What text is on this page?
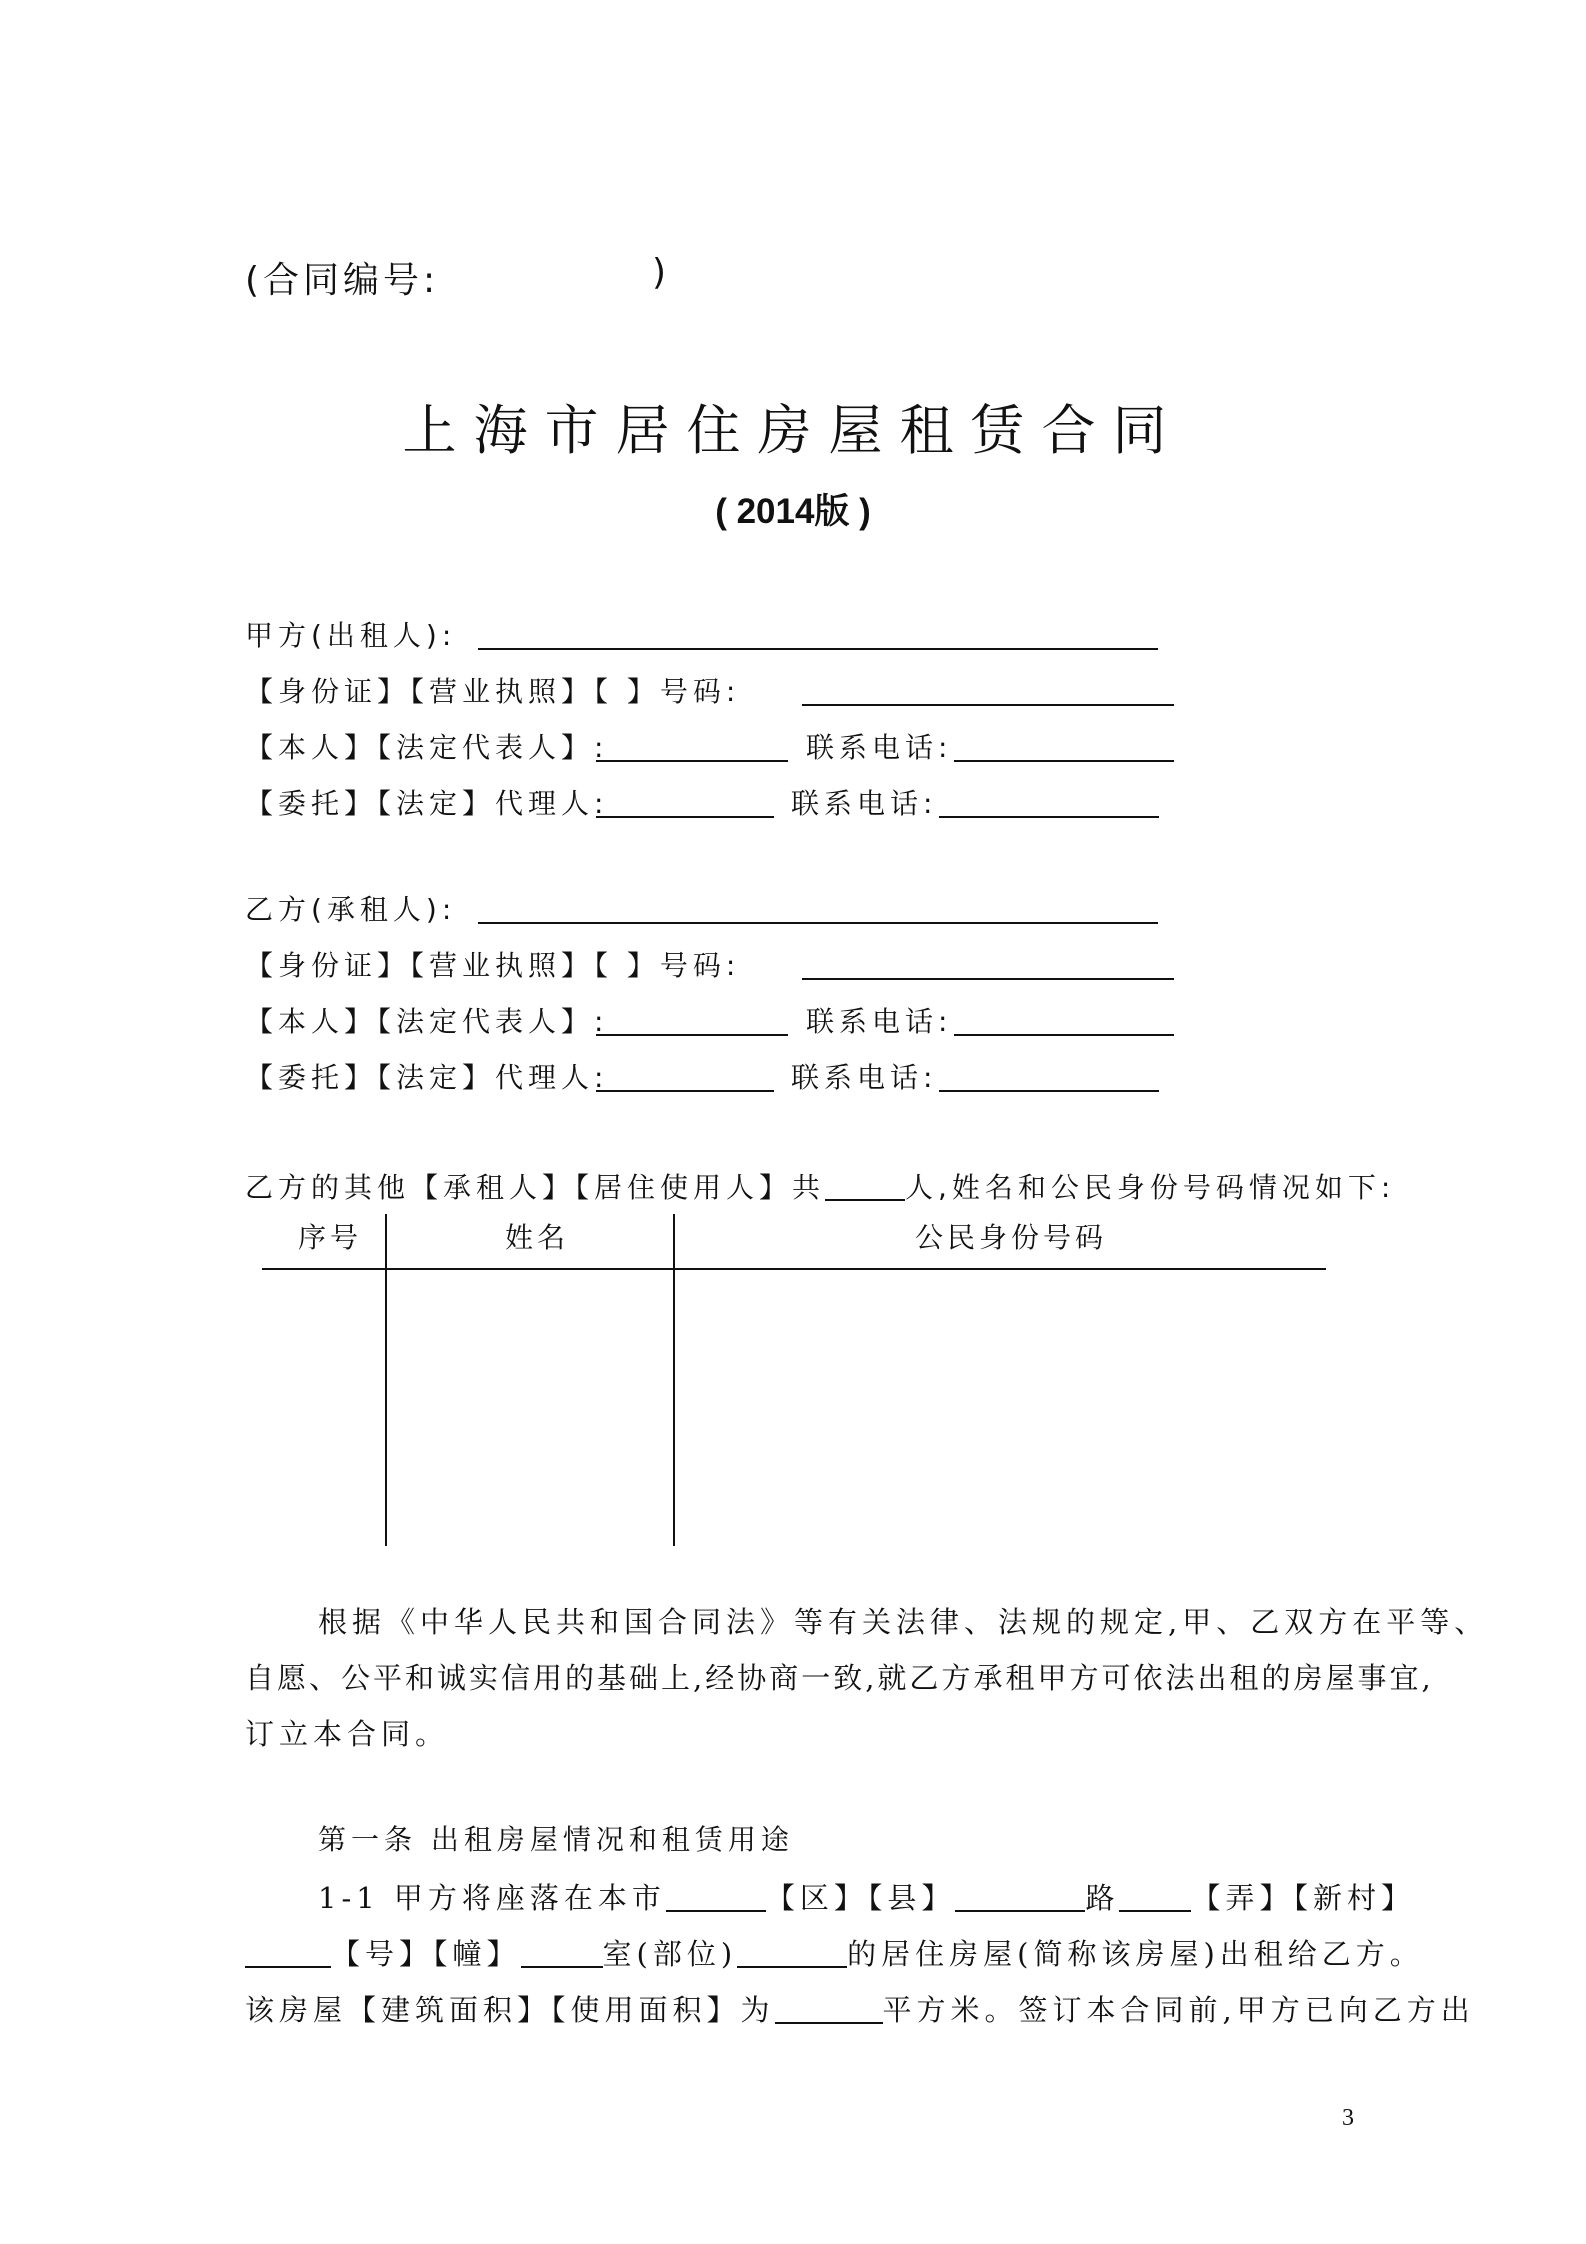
(合同编号:	)
上海市居住房屋租赁合同
( 2014版 )
甲方(出租人):
【身份证】【营业执照】【 】号码:
【本人】【法定代表人】:	联系电话:
【委托】【法定】代理人:	联系电话:
乙方(承租人):
【身份证】【营业执照】【 】号码:
【本人】【法定代表人】:	联系电话:
【委托】【法定】代理人:	联系电话:
乙方的其他【承租人】【居住使用人】共	人,姓名和公民身份号码情况如下:
序号	姓名	公民身份号码
根据《中华人民共和国合同法》等有关法律、法规的规定,甲、乙双方在平等、
自愿、公平和诚实信用的基础上,经协商一致,就乙方承租甲方可依法出租的房屋事宜,
订立本合同。
第一条 出租房屋情况和租赁用途
1-1 甲方将座落在本市	【区】【县】	路 【弄】【新村】
【号】【幢】	室(部位)	的居住房屋(简称该房屋)出租给乙方。
该房屋【建筑面积】【使用面积】为	平方米。签订本合同前,甲方已向乙方出
3
